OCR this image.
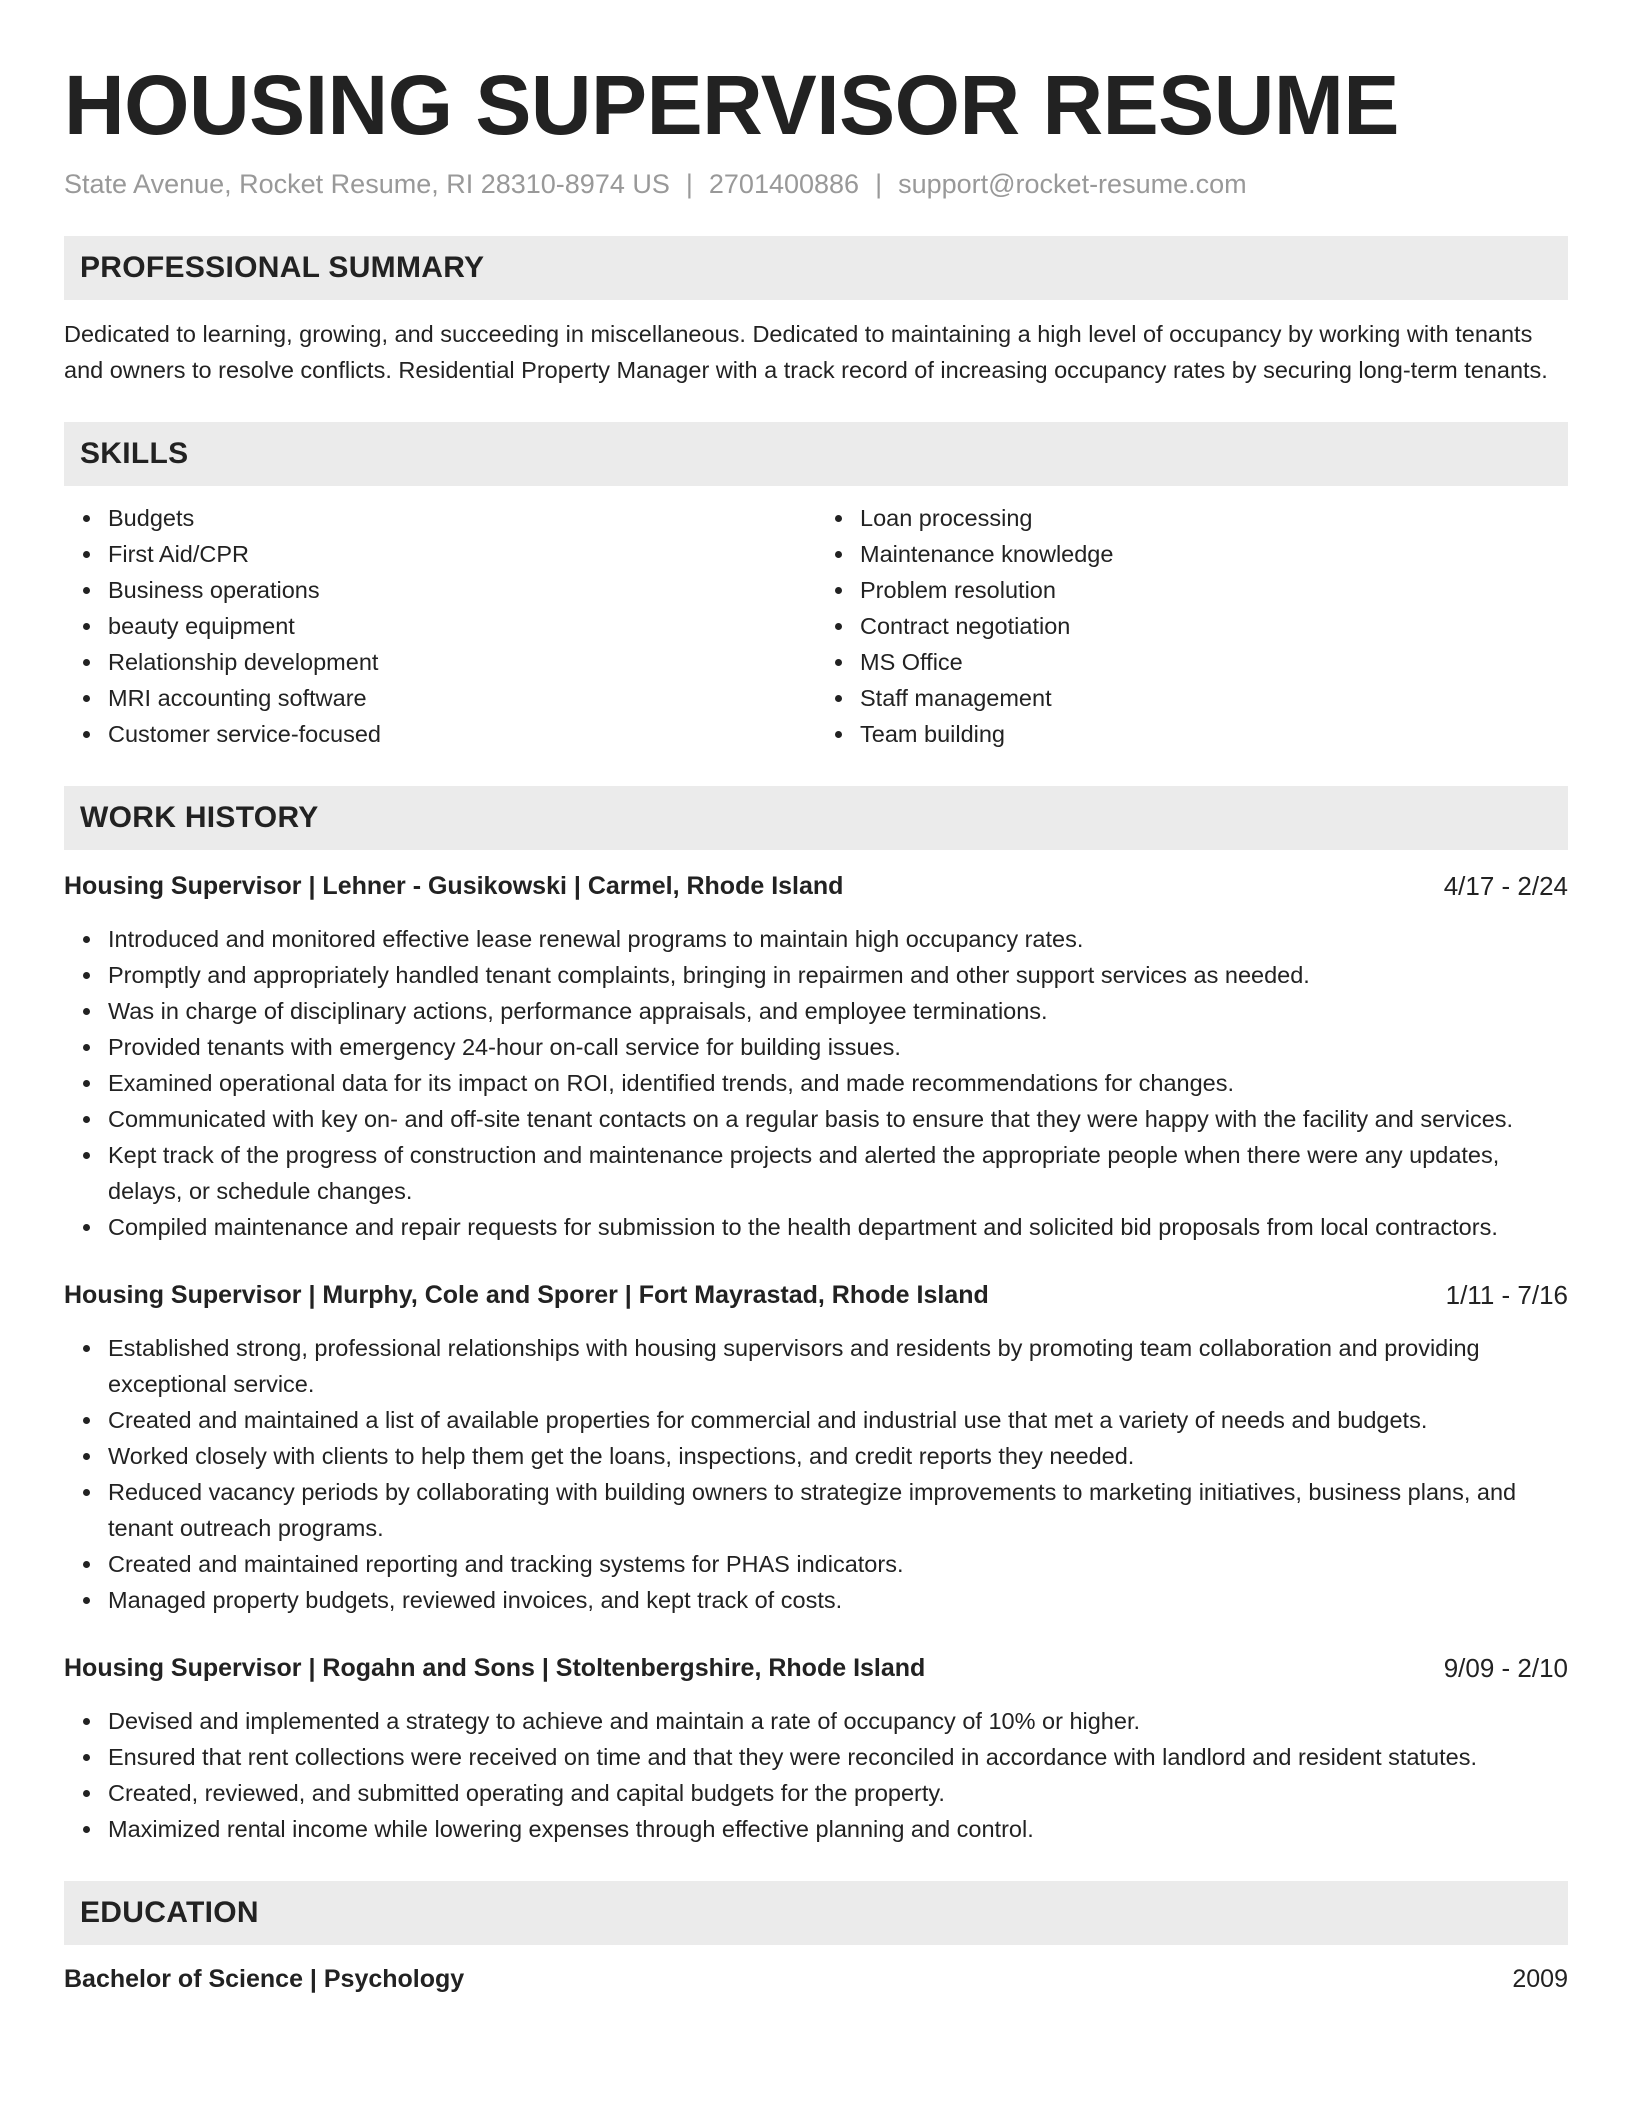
HOUSING SUPERVISOR RESUME
State Avenue, Rocket Resume, RI 28310-8974 US | 2701400886 | support@rocket-resume.com
PROFESSIONAL SUMMARY
Dedicated to learning, growing, and succeeding in miscellaneous. Dedicated to maintaining a high level of occupancy by working with tenants and owners to resolve conflicts. Residential Property Manager with a track record of increasing occupancy rates by securing long-term tenants.
SKILLS
Budgets
First Aid/CPR
Business operations
beauty equipment
Relationship development
MRI accounting software
Customer service-focused
Loan processing
Maintenance knowledge
Problem resolution
Contract negotiation
MS Office
Staff management
Team building
WORK HISTORY
Housing Supervisor | Lehner - Gusikowski | Carmel, Rhode Island	4/17 - 2/24
Introduced and monitored effective lease renewal programs to maintain high occupancy rates.
Promptly and appropriately handled tenant complaints, bringing in repairmen and other support services as needed.
Was in charge of disciplinary actions, performance appraisals, and employee terminations.
Provided tenants with emergency 24-hour on-call service for building issues.
Examined operational data for its impact on ROI, identified trends, and made recommendations for changes.
Communicated with key on- and off-site tenant contacts on a regular basis to ensure that they were happy with the facility and services.
Kept track of the progress of construction and maintenance projects and alerted the appropriate people when there were any updates, delays, or schedule changes.
Compiled maintenance and repair requests for submission to the health department and solicited bid proposals from local contractors.
Housing Supervisor | Murphy, Cole and Sporer | Fort Mayrastad, Rhode Island	1/11 - 7/16
Established strong, professional relationships with housing supervisors and residents by promoting team collaboration and providing exceptional service.
Created and maintained a list of available properties for commercial and industrial use that met a variety of needs and budgets.
Worked closely with clients to help them get the loans, inspections, and credit reports they needed.
Reduced vacancy periods by collaborating with building owners to strategize improvements to marketing initiatives, business plans, and tenant outreach programs.
Created and maintained reporting and tracking systems for PHAS indicators.
Managed property budgets, reviewed invoices, and kept track of costs.
Housing Supervisor | Rogahn and Sons | Stoltenbergshire, Rhode Island	9/09 - 2/10
Devised and implemented a strategy to achieve and maintain a rate of occupancy of 10% or higher.
Ensured that rent collections were received on time and that they were reconciled in accordance with landlord and resident statutes.
Created, reviewed, and submitted operating and capital budgets for the property.
Maximized rental income while lowering expenses through effective planning and control.
EDUCATION
Bachelor of Science | Psychology	2009
